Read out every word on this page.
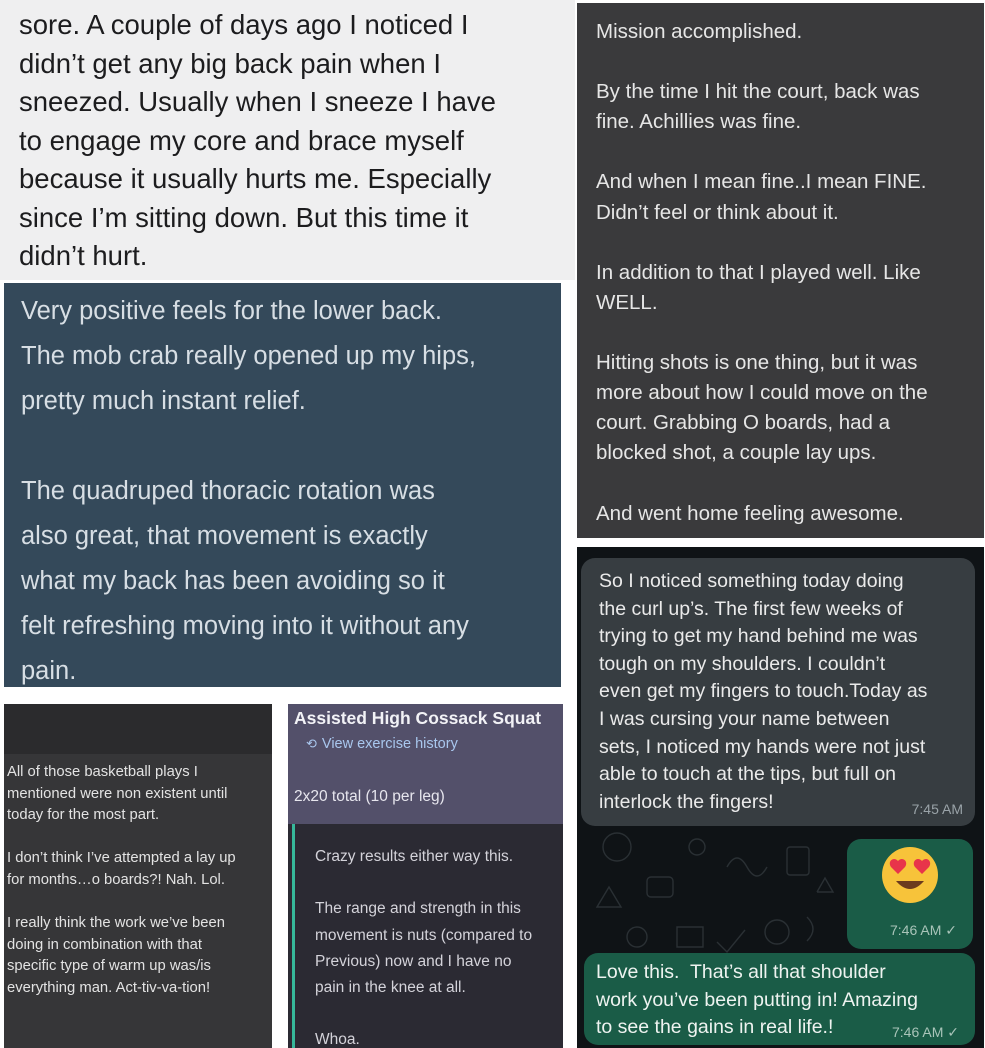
sore. A couple of days ago I noticed I
didn’t get any big back pain when I
sneezed. Usually when I sneeze I have
to engage my core and brace myself
because it usually hurts me. Especially
since I’m sitting down. But this time it
didn’t hurt.
Very positive feels for the lower back.
The mob crab really opened up my hips,
pretty much instant relief.

The quadruped thoracic rotation was
also great, that movement is exactly
what my back has been avoiding so it
felt refreshing moving into it without any
pain.
Mission accomplished.

By the time I hit the court, back was
fine. Achillies was fine.

And when I mean fine..I mean FINE.
Didn’t feel or think about it.

In addition to that I played well. Like
WELL.

Hitting shots is one thing, but it was
more about how I could move on the
court. Grabbing O boards, had a
blocked shot, a couple lay ups.

And went home feeling awesome.
So I noticed something today doing
the curl up’s. The first few weeks of
trying to get my hand behind me was
tough on my shoulders. I couldn’t
even get my fingers to touch.Today as
I was cursing your name between
sets, I noticed my hands were not just
able to touch at the tips, but full on
interlock the fingers!	7:45 AM
7:46 AM ✓
Love this.  That’s all that shoulder
work you’ve been putting in! Amazing
to see the gains in real life.!	7:46 AM ✓
All of those basketball plays I
mentioned were non existent until
today for the most part.

I don’t think I’ve attempted a lay up
for months…o boards?! Nah. Lol.

I really think the work we’ve been
doing in combination with that
specific type of warm up was/is
everything man. Act-tiv-va-tion!
Assisted High Cossack Squat
⟲ View exercise history
2x20 total (10 per leg)
Crazy results either way this.

The range and strength in this
movement is nuts (compared to
Previous) now and I have no
pain in the knee at all.

Whoa.
